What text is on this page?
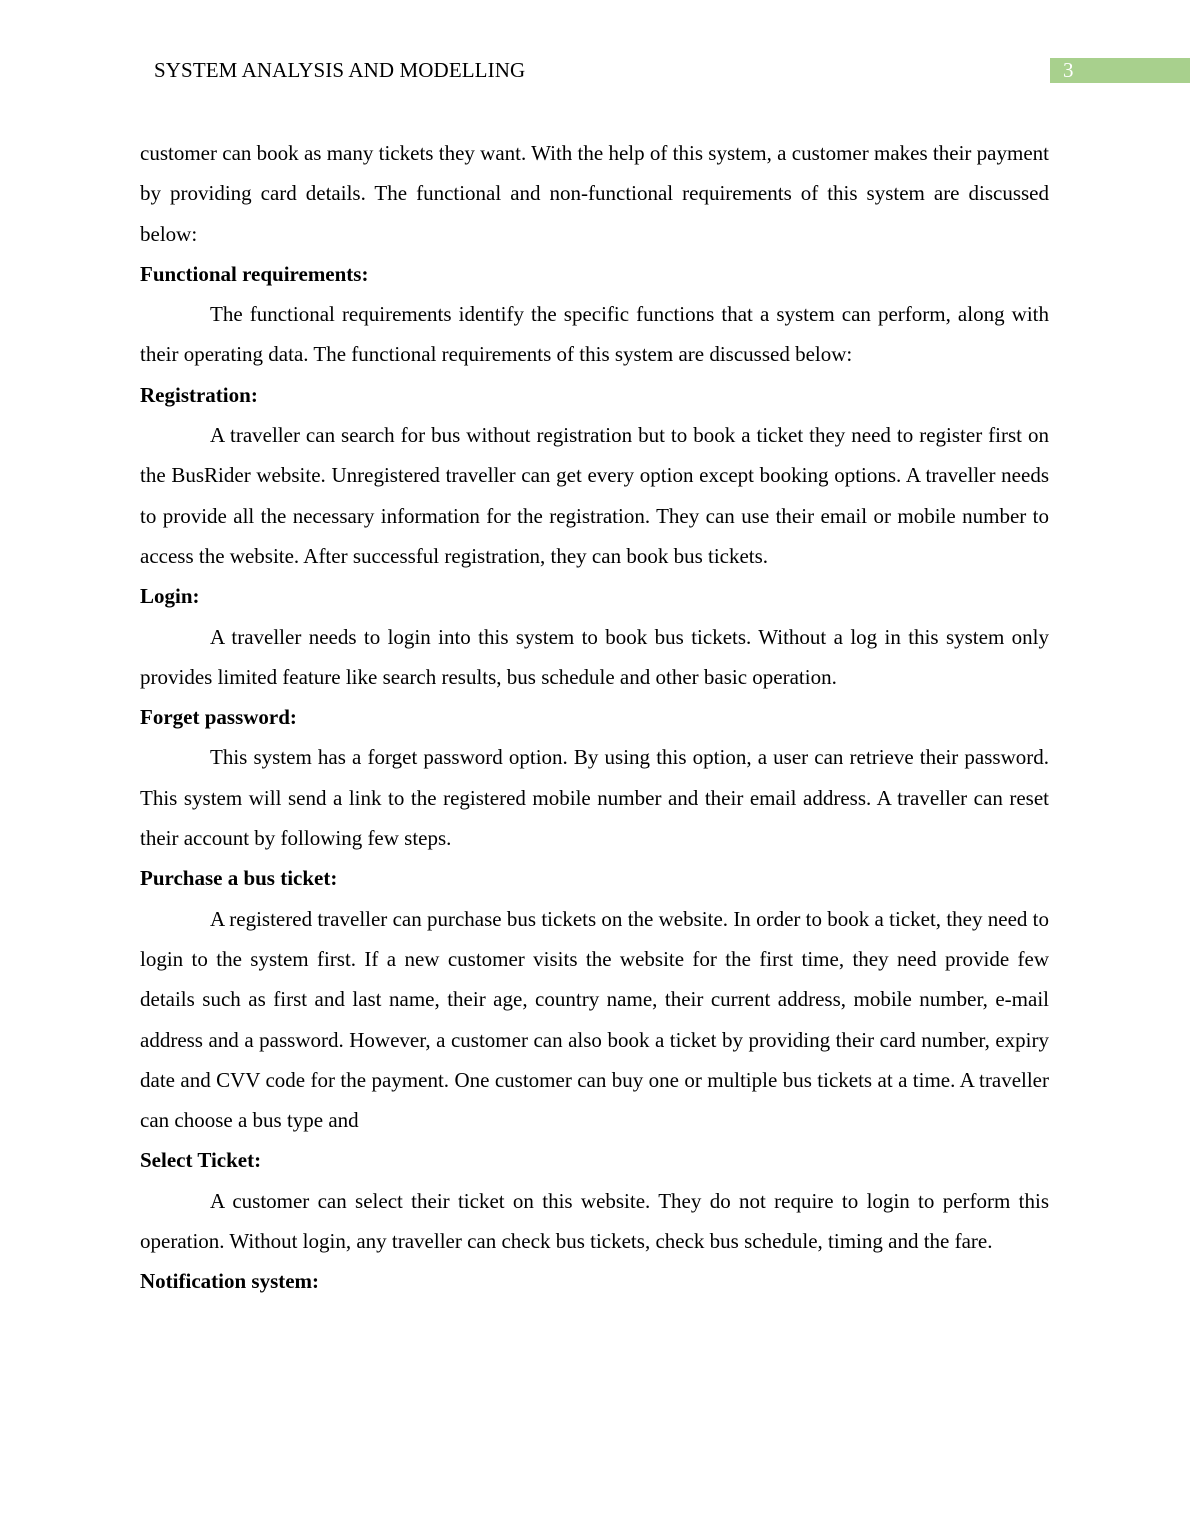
SYSTEM ANALYSIS AND MODELLING	3

customer can book as many tickets they want. With the help of this system, a customer makes their payment by providing card details. The functional and non-functional requirements of this system are discussed below:

Functional requirements:

The functional requirements identify the specific functions that a system can perform, along with their operating data. The functional requirements of this system are discussed below:

Registration:

A traveller can search for bus without registration but to book a ticket they need to register first on the BusRider website. Unregistered traveller can get every option except booking options. A traveller needs to provide all the necessary information for the registration. They can use their email or mobile number to access the website. After successful registration, they can book bus tickets.

Login:

A traveller needs to login into this system to book bus tickets. Without a log in this system only provides limited feature like search results, bus schedule and other basic operation.

Forget password:

This system has a forget password option. By using this option, a user can retrieve their password. This system will send a link to the registered mobile number and their email address. A traveller can reset their account by following few steps.

Purchase a bus ticket:

A registered traveller can purchase bus tickets on the website. In order to book a ticket, they need to login to the system first. If a new customer visits the website for the first time, they need provide few details such as first and last name, their age, country name, their current address, mobile number, e-mail address and a password. However, a customer can also book a ticket by providing their card number, expiry date and CVV code for the payment. One customer can buy one or multiple bus tickets at a time. A traveller can choose a bus type and

Select Ticket:

A customer can select their ticket on this website. They do not require to login to perform this operation. Without login, any traveller can check bus tickets, check bus schedule, timing and the fare.

Notification system:
